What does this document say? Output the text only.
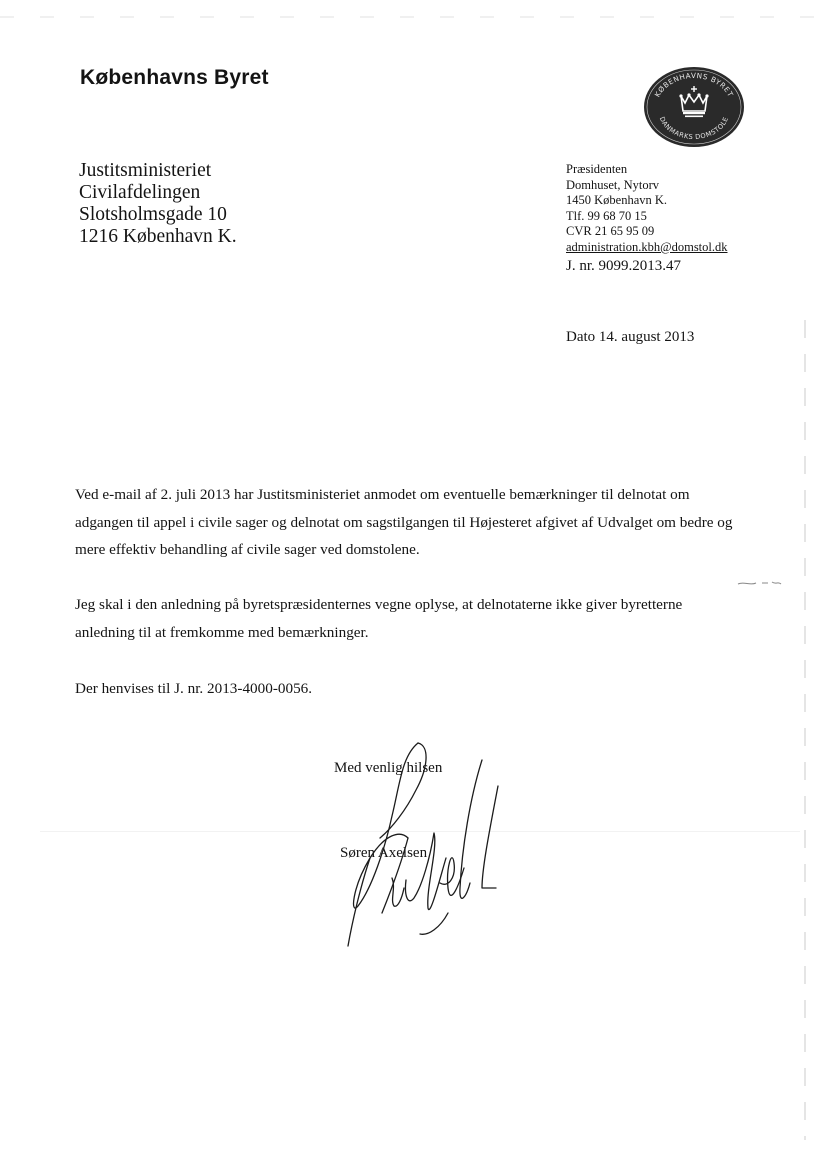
Københavns Byret
KØBENHAVNS BYRET
DANMARKS DOMSTOLE
Justitsministeriet
Civilafdelingen
Slotsholmsgade 10
1216 København K.
Præsidenten
Domhuset, Nytorv
1450 København K.
Tlf. 99 68 70 15
CVR 21 65 95 09
administration.kbh@domstol.dk
J. nr. 9099.2013.47
Dato 14. august 2013

Ved e-mail af 2. juli 2013 har Justitsministeriet anmodet om eventuelle bemærkninger til delnotat om adgangen til appel i civile sager og delnotat om sagstilgangen til Højesteret afgivet af Udvalget om bedre og mere effektiv behandling af civile sager ved domstolene.

Jeg skal i den anledning på byretspræsidenternes vegne oplyse, at delnotaterne ikke giver byretterne anledning til at fremkomme med bemærkninger.

Der henvises til J. nr. 2013-4000-0056.

Med venlig hilsen
Søren Axelsen
